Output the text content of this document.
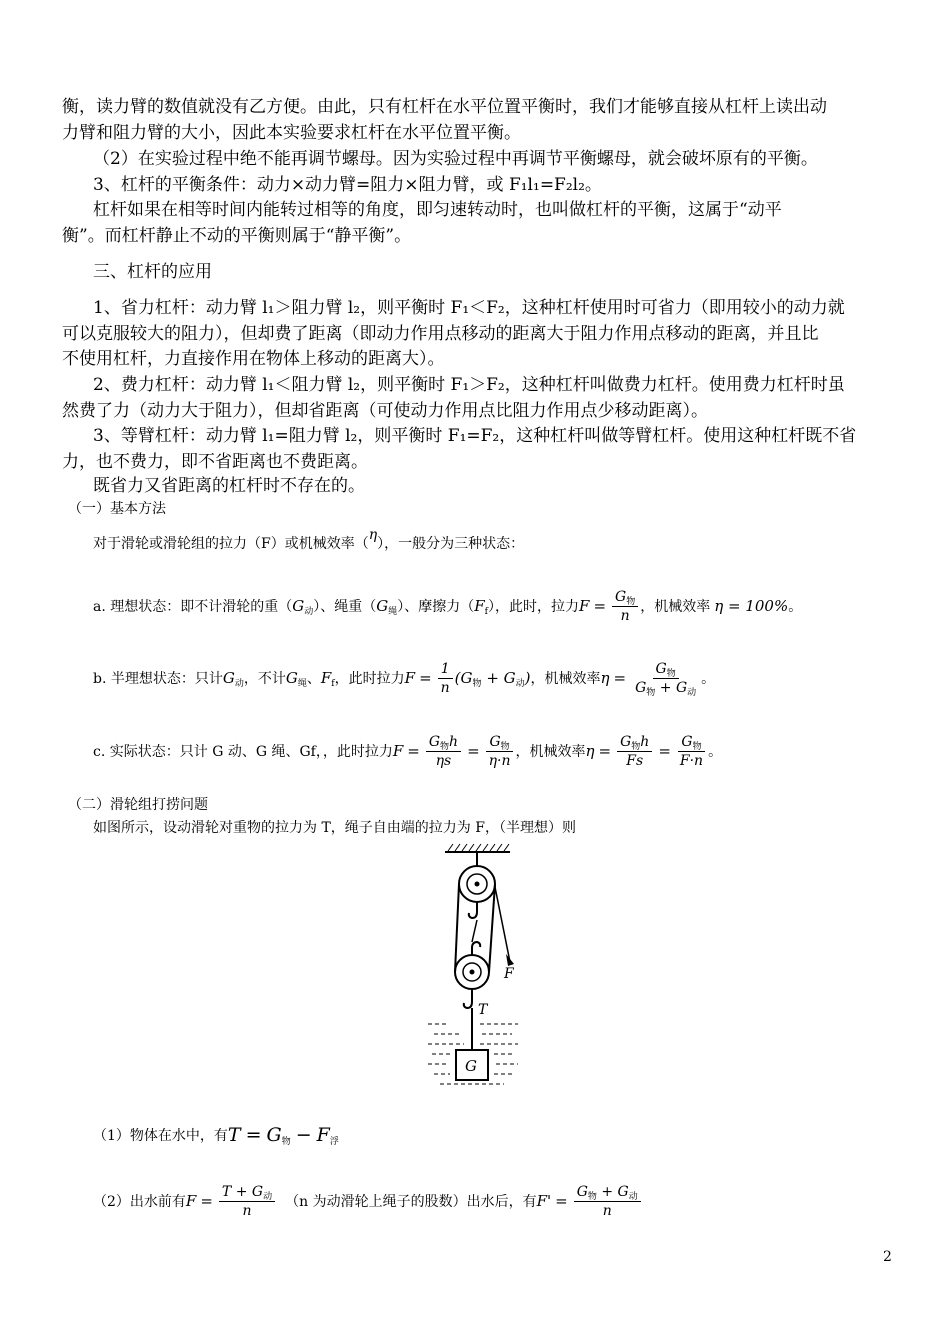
衡，读力臂的数值就没有乙方便。由此，只有杠杆在水平位置平衡时，我们才能够直接从杠杆上读出动

力臂和阻力臂的大小，因此本实验要求杠杆在水平位置平衡。

（2）在实验过程中绝不能再调节螺母。因为实验过程中再调节平衡螺母，就会破坏原有的平衡。

3、杠杆的平衡条件：动力×动力臂=阻力×阻力臂，或 F₁l₁=F₂l₂。

杠杆如果在相等时间内能转过相等的角度，即匀速转动时，也叫做杠杆的平衡，这属于“动平

衡”。而杠杆静止不动的平衡则属于“静平衡”。

三、杠杆的应用

1、省力杠杆：动力臂 l₁＞阻力臂 l₂，则平衡时 F₁＜F₂，这种杠杆使用时可省力（即用较小的动力就

可以克服较大的阻力），但却费了距离（即动力作用点移动的距离大于阻力作用点移动的距离，并且比

不使用杠杆，力直接作用在物体上移动的距离大）。

2、费力杠杆：动力臂 l₁＜阻力臂 l₂，则平衡时 F₁＞F₂，这种杠杆叫做费力杠杆。使用费力杠杆时虽

然费了力（动力大于阻力），但却省距离（可使动力作用点比阻力作用点少移动距离）。

3、等臂杠杆：动力臂 l₁=阻力臂 l₂，则平衡时 F₁=F₂，这种杠杆叫做等臂杠杆。使用这种杠杆既不省

力，也不费力，即不省距离也不费距离。

既省力又省距离的杠杆时不存在的。

（一）基本方法

对于滑轮或滑轮组的拉力（F）或机械效率（
η
），一般分为三种状态：
a. 理想状态：即不计滑轮的重（ $G_动$ ）、绳重（ $G_绳$ ）、摩擦力（ $F_f$ ），此时，拉力 $F = \frac{G_物}{n}$ ，机械效率 η = 100% 。
b. 半理想状态：只计 $G_动$ ，不计 $G_绳$ 、 $F_f$ ，此时拉力 $F = \frac{1}{n} (G_物 + G_动)$ ，机械效率 $\eta = \frac{G_物}{G_物 + G_动}$ 。
c. 实际状态：只计 G 动、G 绳、Gf，，此时拉力 $F = \frac{G_物h}{\eta s} = \frac{G_物}{\eta\cdot n}$ ，机械效率 $\eta = \frac{G_物h}{Fs} = \frac{G_物}{F\cdot n}$ 。

（二）滑轮组打捞问题

如图所示，设动滑轮对重物的拉力为 T，绳子自由端的拉力为 F，（半理想）则

F
T
G
（1）物体在水中，有 T = G物 − F浮
（2）出水前有 $F = \frac{T + G_动}{n} (n$ 为动滑轮上绳子的股数）出水后，有 $F' = \frac{G_物 + G_动}{n}$
2
